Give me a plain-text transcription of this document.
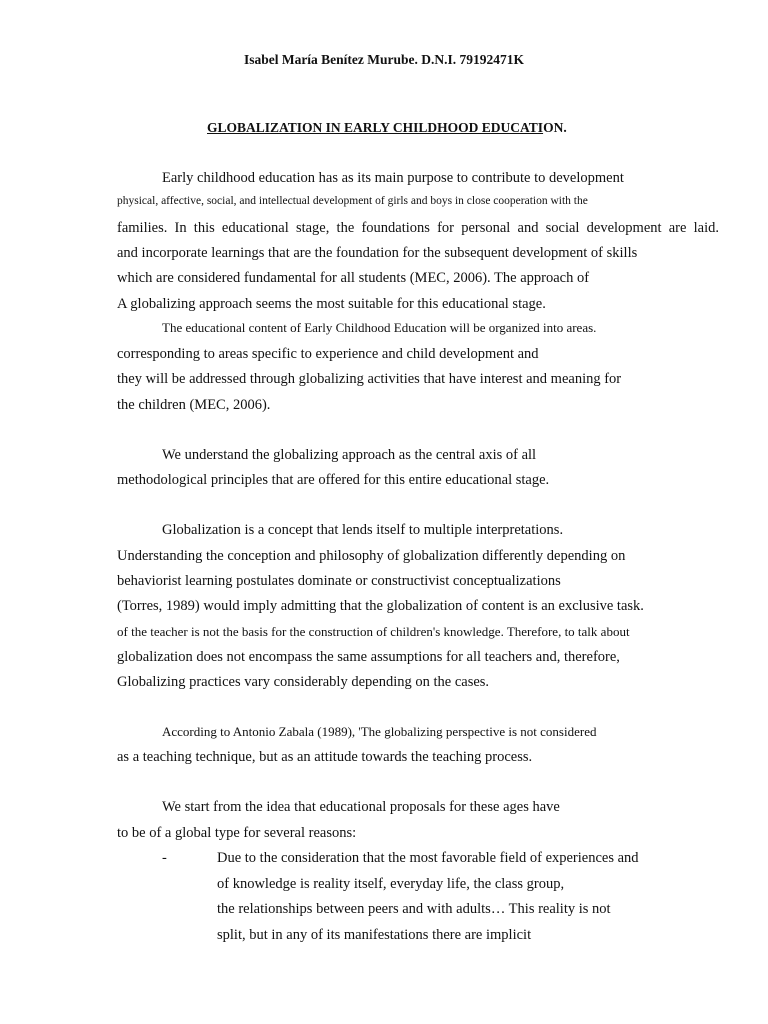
Isabel María Benítez Murube. D.N.I. 79192471K
GLOBALIZATION IN EARLY CHILDHOOD EDUCATION.
Early childhood education has as its main purpose to contribute to development
physical, affective, social, and intellectual development of girls and boys in close cooperation with the
families. In this educational stage, the foundations for personal and social development are laid.
and incorporate learnings that are the foundation for the subsequent development of skills
which are considered fundamental for all students (MEC, 2006). The approach of
A globalizing approach seems the most suitable for this educational stage.
The educational content of Early Childhood Education will be organized into areas.
corresponding to areas specific to experience and child development and
they will be addressed through globalizing activities that have interest and meaning for
the children (MEC, 2006).
We understand the globalizing approach as the central axis of all
methodological principles that are offered for this entire educational stage.
Globalization is a concept that lends itself to multiple interpretations.
Understanding the conception and philosophy of globalization differently depending on
behaviorist learning postulates dominate or constructivist conceptualizations
(Torres, 1989) would imply admitting that the globalization of content is an exclusive task.
of the teacher is not the basis for the construction of children's knowledge. Therefore, to talk about
globalization does not encompass the same assumptions for all teachers and, therefore,
Globalizing practices vary considerably depending on the cases.
According to Antonio Zabala (1989), 'The globalizing perspective is not considered
as a teaching technique, but as an attitude towards the teaching process.
We start from the idea that educational proposals for these ages have
to be of a global type for several reasons:
-	Due to the consideration that the most favorable field of experiences and
of knowledge is reality itself, everyday life, the class group,
the relationships between peers and with adults… This reality is not
split, but in any of its manifestations there are implicit
